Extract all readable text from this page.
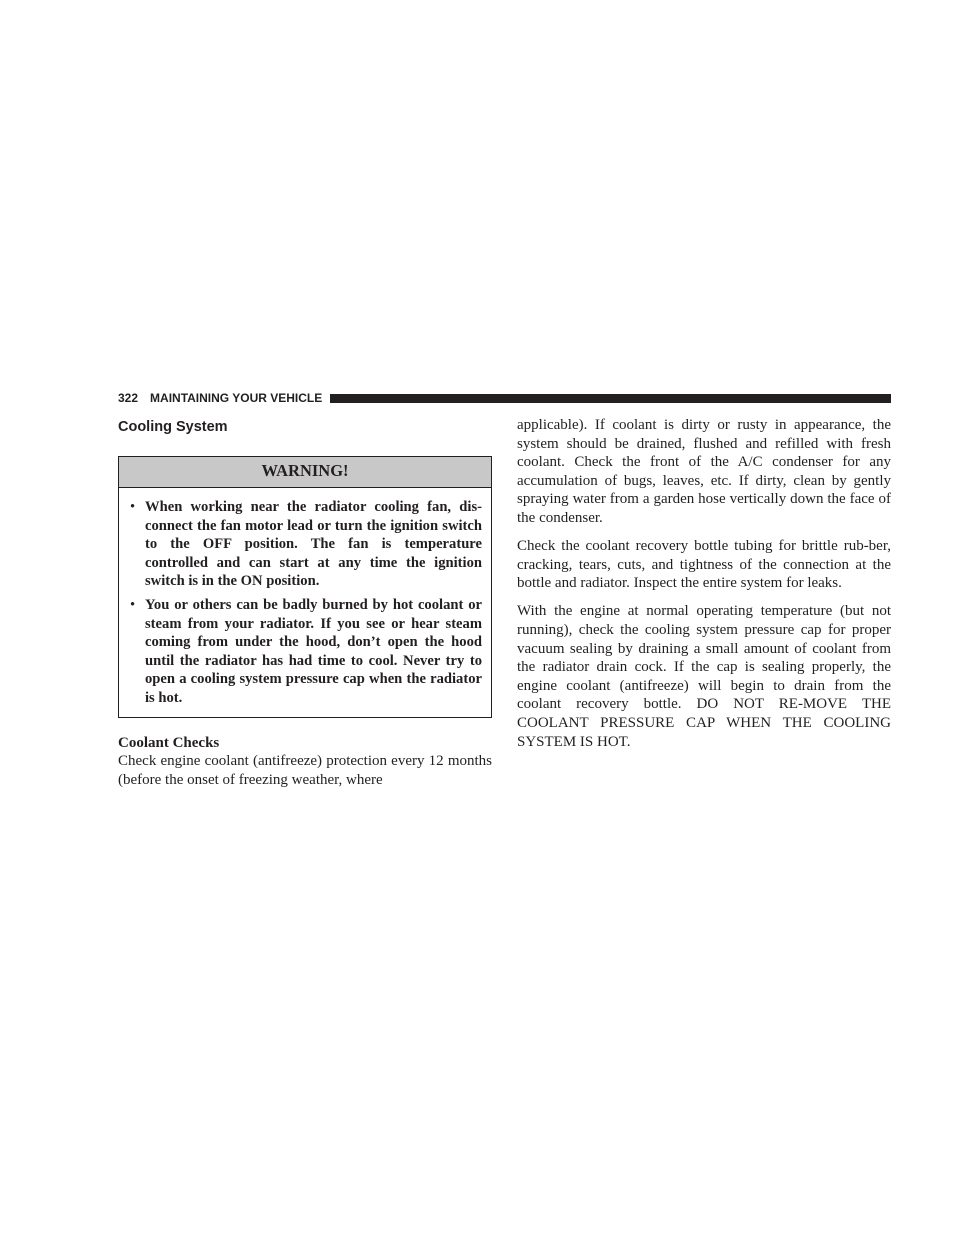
322 MAINTAINING YOUR VEHICLE
Cooling System
WARNING!
• When working near the radiator cooling fan, dis-connect the fan motor lead or turn the ignition switch to the OFF position. The fan is temperature controlled and can start at any time the ignition switch is in the ON position.
• You or others can be badly burned by hot coolant or steam from your radiator. If you see or hear steam coming from under the hood, don’t open the hood until the radiator has had time to cool. Never try to open a cooling system pressure cap when the radiator is hot.
Coolant Checks

Check engine coolant (antifreeze) protection every 12 months (before the onset of freezing weather, where

applicable). If coolant is dirty or rusty in appearance, the system should be drained, flushed and refilled with fresh coolant. Check the front of the A/C condenser for any accumulation of bugs, leaves, etc. If dirty, clean by gently spraying water from a garden hose vertically down the face of the condenser.

Check the coolant recovery bottle tubing for brittle rub-ber, cracking, tears, cuts, and tightness of the connection at the bottle and radiator. Inspect the entire system for leaks.

With the engine at normal operating temperature (but not running), check the cooling system pressure cap for proper vacuum sealing by draining a small amount of coolant from the radiator drain cock. If the cap is sealing properly, the engine coolant (antifreeze) will begin to drain from the coolant recovery bottle. DO NOT RE-MOVE THE COOLANT PRESSURE CAP WHEN THE COOLING SYSTEM IS HOT.
